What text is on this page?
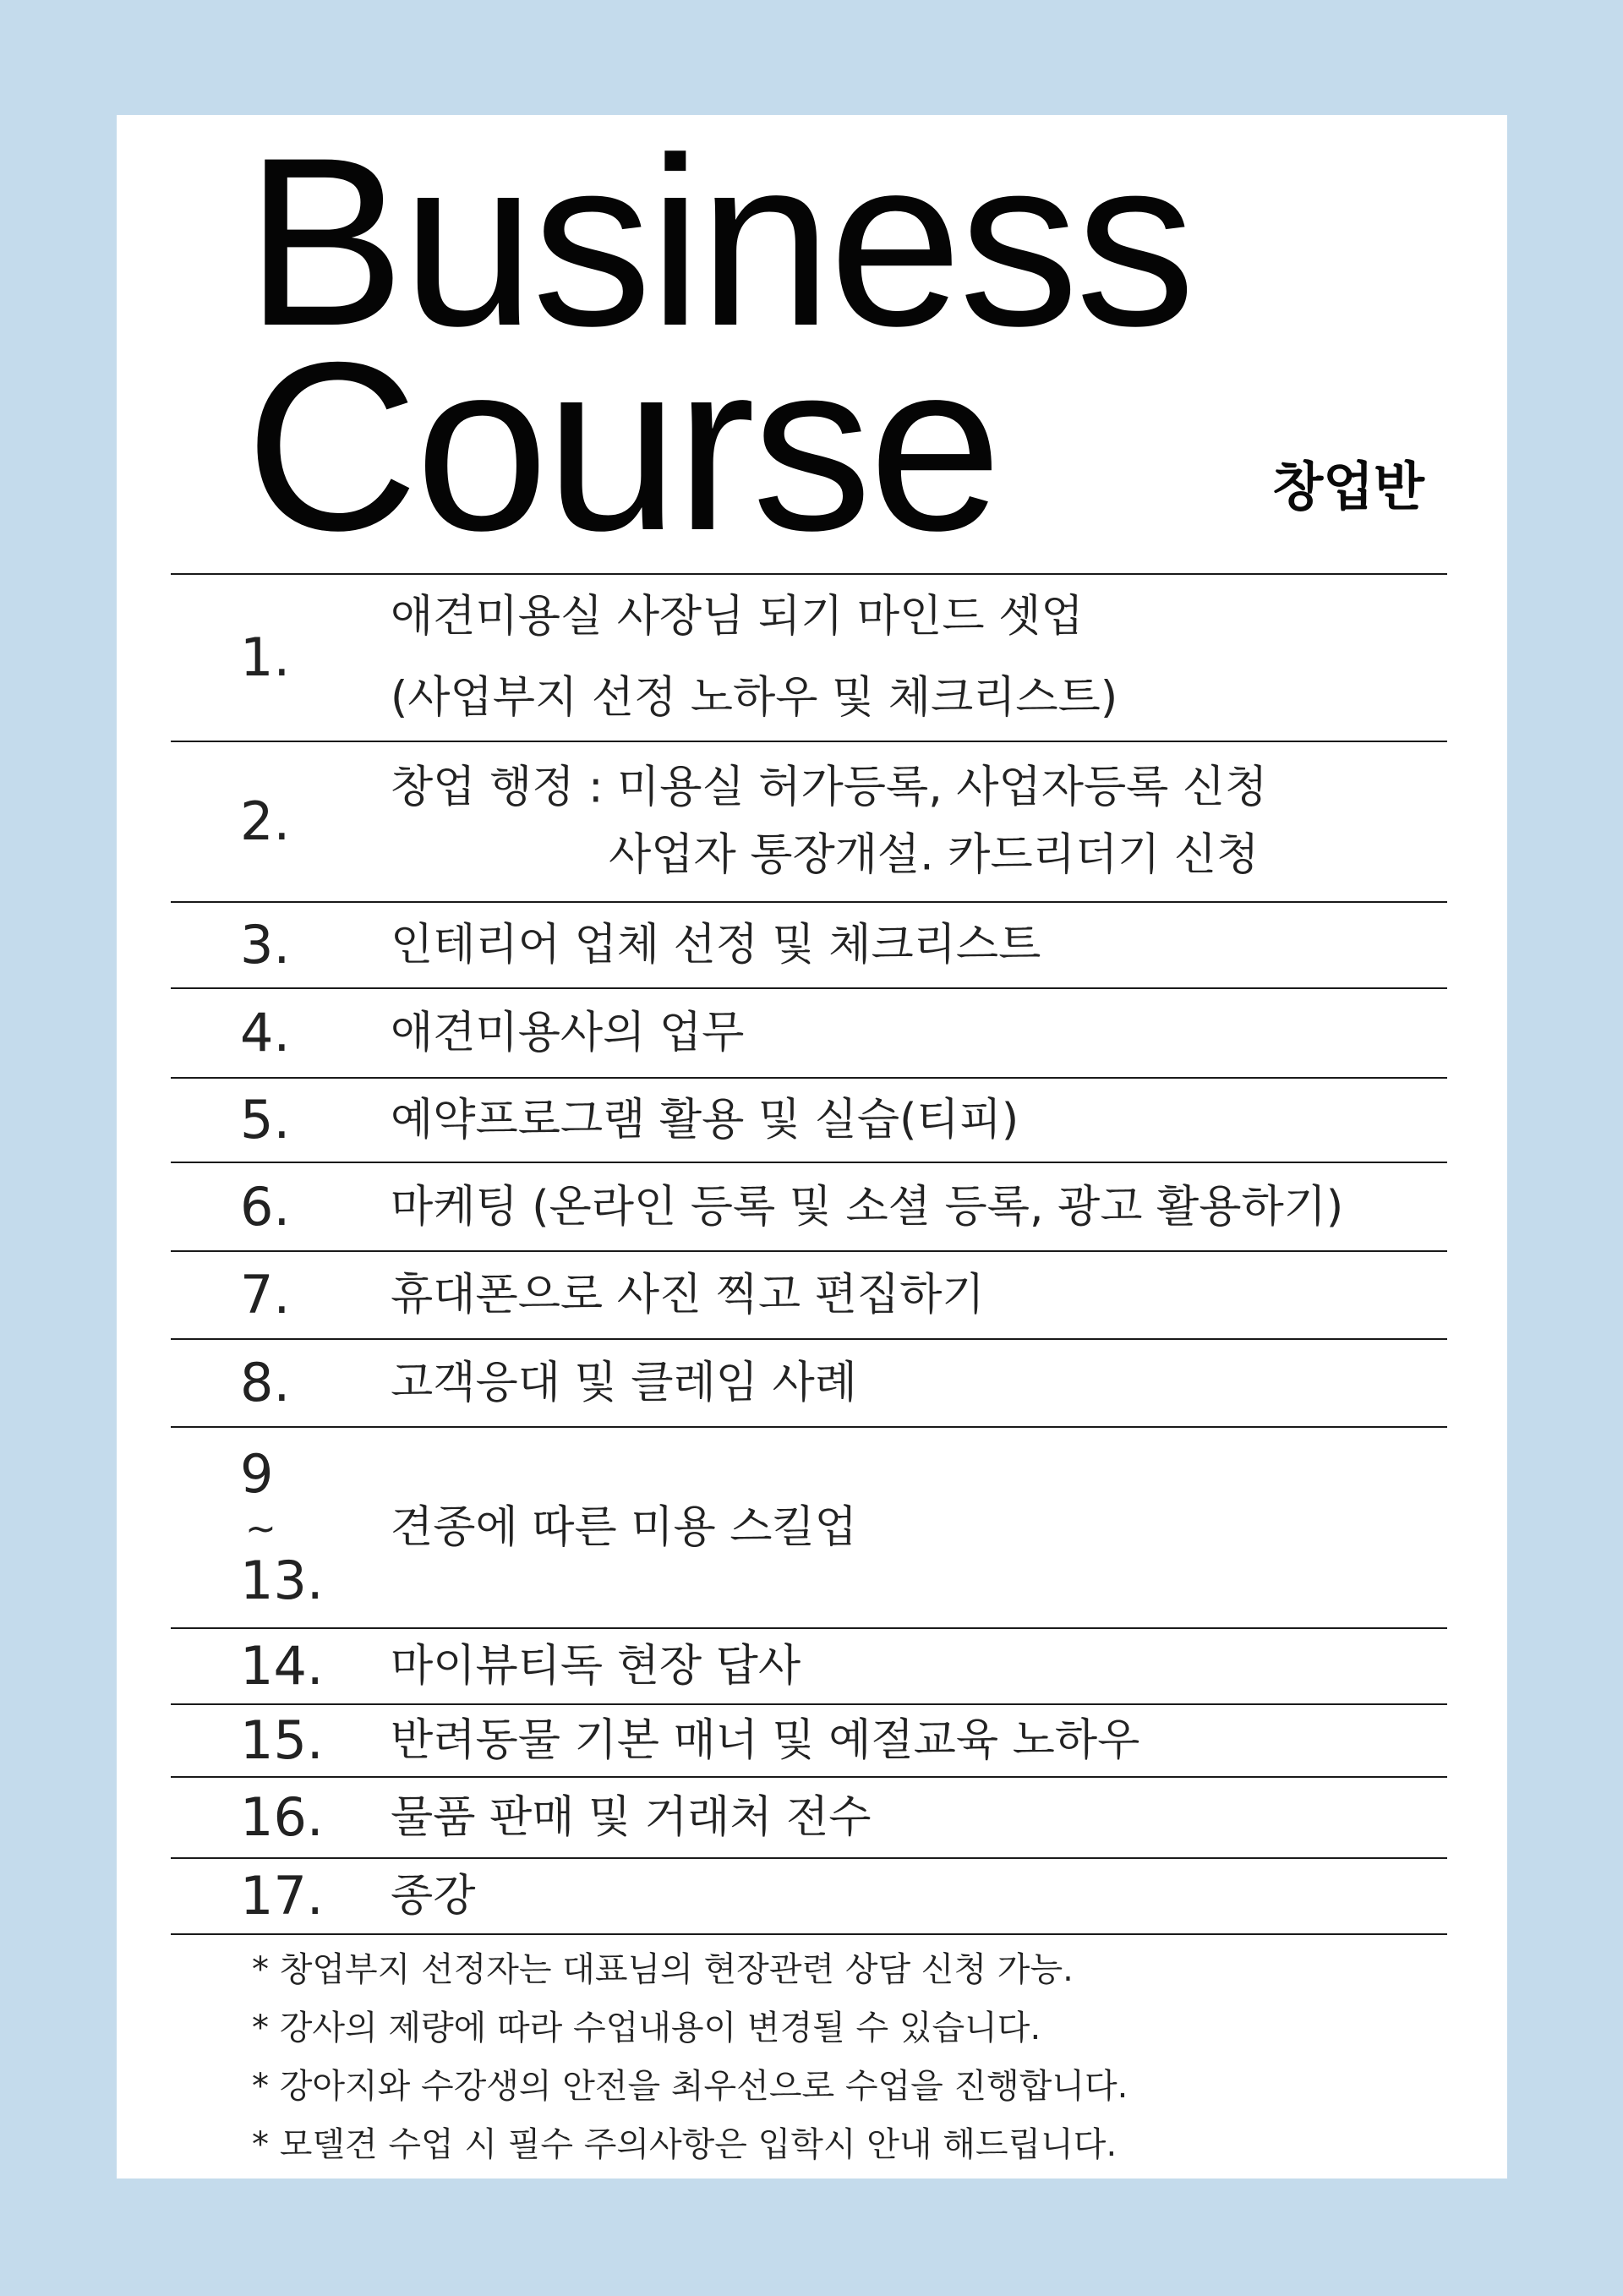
Business
Course	창업반
1.
애견미용실 사장님 되기 마인드 셋업
(사업부지 선정 노하우 및 체크리스트)
2.
창업 행정 : 미용실 허가등록, 사업자등록 신청
사업자 통장개설. 카드리더기 신청
3. 인테리어 업체 선정 및 체크리스트
4. 애견미용사의 업무
5. 예약프로그램 활용 및 실습(티피)
6. 마케팅 (온라인 등록 및 소셜 등록, 광고 활용하기)
7. 휴대폰으로 사진 찍고 편집하기
8. 고객응대 및 클레임 사례
9
~
13.
견종에 따른 미용 스킬업
14. 마이뷰티독 현장 답사
15. 반려동물 기본 매너 및 예절교육 노하우
16. 물품 판매 및 거래처 전수
17. 종강
* 창업부지 선정자는 대표님의 현장관련 상담 신청 가능.
* 강사의 제량에 따라 수업내용이 변경될 수 있습니다.
* 강아지와 수강생의 안전을 최우선으로 수업을 진행합니다.
* 모델견 수업 시 필수 주의사항은 입학시 안내 해드립니다.
